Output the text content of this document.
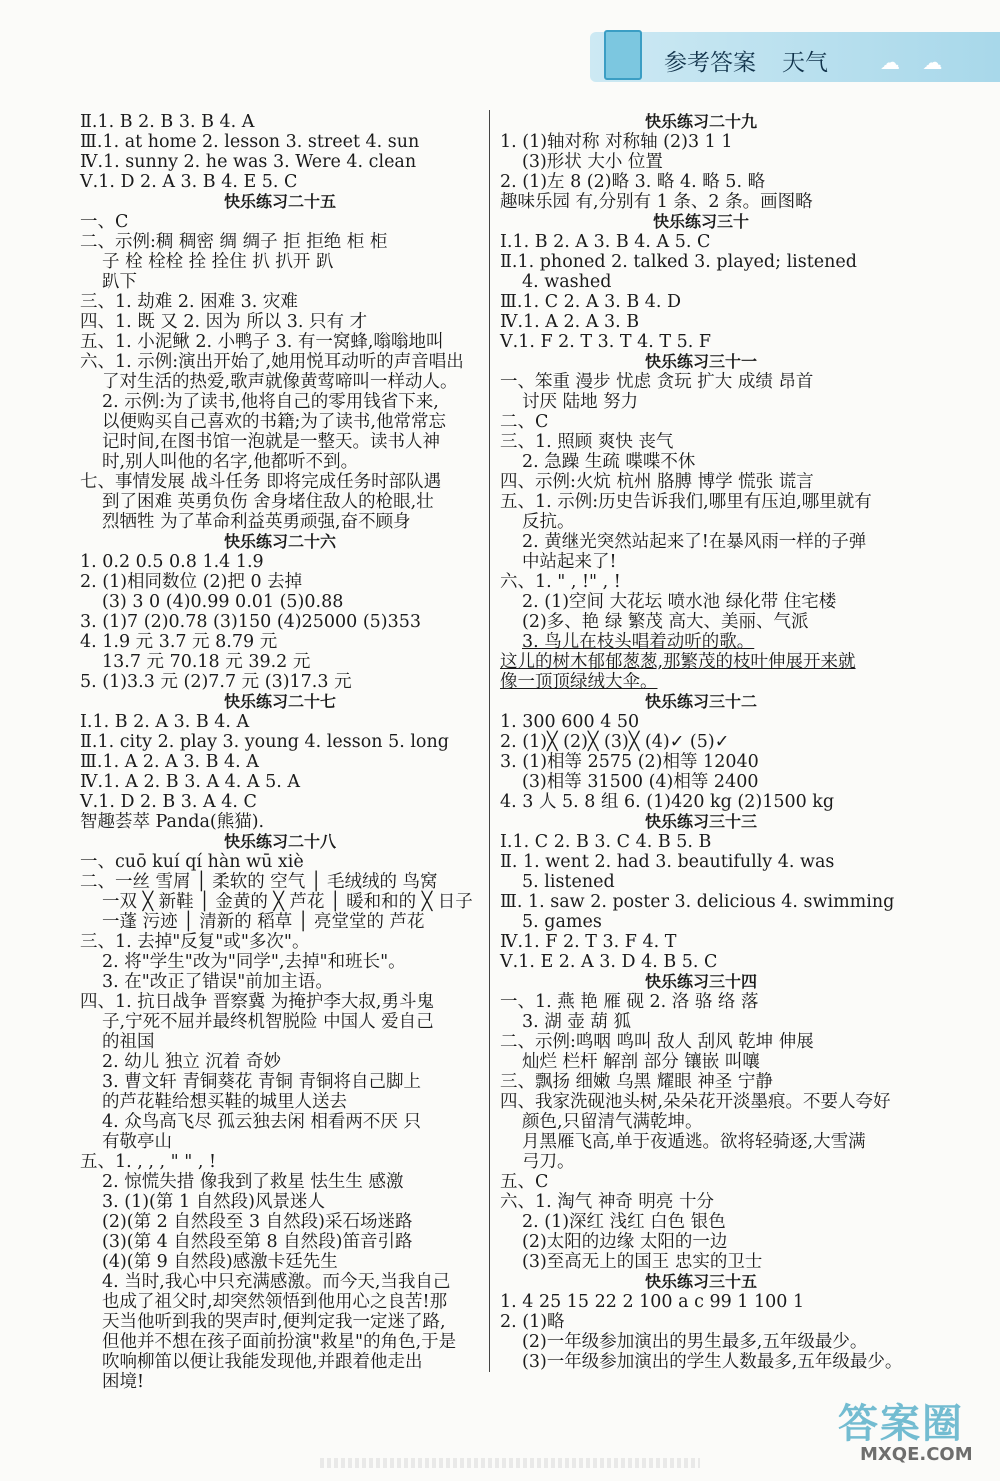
参考答案 天气	☁ ☁
Ⅱ.1. B 2. B 3. B 4. A
Ⅲ.1. at home 2. lesson 3. street 4. sun
Ⅳ.1. sunny 2. he was 3. Were 4. clean
Ⅴ.1. D 2. A 3. B 4. E 5. C
快乐练习二十五
一、C
二、示例:稠 稠密 绸 绸子 拒 拒绝 柜 柜
子 栓 栓栓 拴 拴住 扒 扒开 趴
趴下
三、1. 劫难 2. 困难 3. 灾难
四、1. 既 又 2. 因为 所以 3. 只有 才
五、1. 小泥鳅 2. 小鸭子 3. 有一窝蜂,嗡嗡地叫
六、1. 示例:演出开始了,她用悦耳动听的声音唱出
了对生活的热爱,歌声就像黄莺啼叫一样动人。
2. 示例:为了读书,他将自己的零用钱省下来,
以便购买自己喜欢的书籍;为了读书,他常常忘
记时间,在图书馆一泡就是一整天。读书人神
时,别人叫他的名字,他都听不到。
七、事情发展 战斗任务 即将完成任务时部队遇
到了困难 英勇负伤 舍身堵住敌人的枪眼,壮
烈牺牲 为了革命利益英勇顽强,奋不顾身
快乐练习二十六
1. 0.2 0.5 0.8 1.4 1.9
2. (1)相同数位 (2)把 0 去掉
(3) 3 0 (4)0.99 0.01 (5)0.88
3. (1)7 (2)0.78 (3)150 (4)25000 (5)353
4. 1.9 元 3.7 元 8.79 元
13.7 元 70.18 元 39.2 元
5. (1)3.3 元 (2)7.7 元 (3)17.3 元
快乐练习二十七
Ⅰ.1. B 2. A 3. B 4. A
Ⅱ.1. city 2. play 3. young 4. lesson 5. long
Ⅲ.1. A 2. A 3. B 4. A
Ⅳ.1. A 2. B 3. A 4. A 5. A
Ⅴ.1. D 2. B 3. A 4. C
智趣荟萃 Panda(熊猫).
快乐练习二十八
一、cuō kuí qí hàn wū xiè
二、一丝 雪屑 │ 柔软的 空气 │ 毛绒绒的 鸟窝
一双 ╳ 新鞋 │ 金黄的 ╳ 芦花 │ 暖和和的 ╳ 日子
一蓬 污迹 │ 清新的 稻草 │ 亮堂堂的 芦花
三、1. 去掉"反复"或"多次"。
2. 将"学生"改为"同学",去掉"和班长"。
3. 在"改正了错误"前加主语。
四、1. 抗日战争 晋察冀 为掩护李大叔,勇斗鬼
子,宁死不屈并最终机智脱险 中国人 爱自己
的祖国
2. 幼儿 独立 沉着 奇妙
3. 曹文轩 青铜葵花 青铜 青铜将自己脚上
的芦花鞋给想买鞋的城里人送去
4. 众鸟高飞尽 孤云独去闲 相看两不厌 只
有敬亭山
五、1. , , , " " , !
2. 惊慌失措 像我到了救星 怯生生 感激
3. (1)(第 1 自然段)风景迷人
(2)(第 2 自然段至 3 自然段)采石场迷路
(3)(第 4 自然段至第 8 自然段)笛音引路
(4)(第 9 自然段)感激卡廷先生
4. 当时,我心中只充满感激。而今天,当我自己
也成了祖父时,却突然领悟到他用心之良苦!那
天当他听到我的哭声时,便判定我一定迷了路,
但他并不想在孩子面前扮演"救星"的角色,于是
吹响柳笛以便让我能发现他,并跟着他走出
困境!
快乐练习二十九
1. (1)轴对称 对称轴 (2)3 1 1
(3)形状 大小 位置
2. (1)左 8 (2)略 3. 略 4. 略 5. 略
趣味乐园 有,分别有 1 条、2 条。画图略
快乐练习三十
Ⅰ.1. B 2. A 3. B 4. A 5. C
Ⅱ.1. phoned 2. talked 3. played; listened
4. washed
Ⅲ.1. C 2. A 3. B 4. D
Ⅳ.1. A 2. A 3. B
Ⅴ.1. F 2. T 3. T 4. T 5. F
快乐练习三十一
一、笨重 漫步 忧虑 贪玩 扩大 成绩 昂首
讨厌 陆地 努力
二、C
三、1. 照顾 爽快 丧气
2. 急躁 生疏 喋喋不休
四、示例:火炕 杭州 胳膊 博学 慌张 谎言
五、1. 示例:历史告诉我们,哪里有压迫,哪里就有
反抗。
2. 黄继光突然站起来了!在暴风雨一样的子弹
中站起来了!
六、1. " , !" , !
2. (1)空间 大花坛 喷水池 绿化带 住宅楼
(2)多、艳 绿 繁茂 高大、美丽、气派
3. 鸟儿在枝头唱着动听的歌。
这儿的树木郁郁葱葱,那繁茂的枝叶伸展开来就
像一顶顶绿绒大伞。
快乐练习三十二
1. 300 600 4 50
2. (1)╳ (2)╳ (3)╳ (4)✓ (5)✓
3. (1)相等 2575 (2)相等 12040
(3)相等 31500 (4)相等 2400
4. 3 人 5. 8 组 6. (1)420 kg (2)1500 kg
快乐练习三十三
Ⅰ.1. C 2. B 3. C 4. B 5. B
Ⅱ. 1. went 2. had 3. beautifully 4. was
5. listened
Ⅲ. 1. saw 2. poster 3. delicious 4. swimming
5. games
Ⅳ.1. F 2. T 3. F 4. T
Ⅴ.1. E 2. A 3. D 4. B 5. C
快乐练习三十四
一、1. 燕 艳 雁 砚 2. 洛 骆 络 落
3. 湖 壶 葫 狐
二、示例:鸣咽 鸣叫 敌人 刮风 乾坤 伸展
灿烂 栏杆 解剖 部分 镶嵌 叫嚷
三、飘扬 细嫩 乌黑 耀眼 神圣 宁静
四、我家洗砚池头树,朵朵花开淡墨痕。不要人夸好
颜色,只留清气满乾坤。
月黑雁飞高,单于夜遁逃。欲将轻骑逐,大雪满
弓刀。
五、C
六、1. 淘气 神奇 明亮 十分
2. (1)深红 浅红 白色 银色
(2)太阳的边缘 太阳的一边
(3)至高无上的国王 忠实的卫士
快乐练习三十五
1. 4 25 15 22 2 100 a c 99 1 100 1
2. (1)略
(2)一年级参加演出的男生最多,五年级最少。
(3)一年级参加演出的学生人数最多,五年级最少。
答案圈
MXQE.COM
